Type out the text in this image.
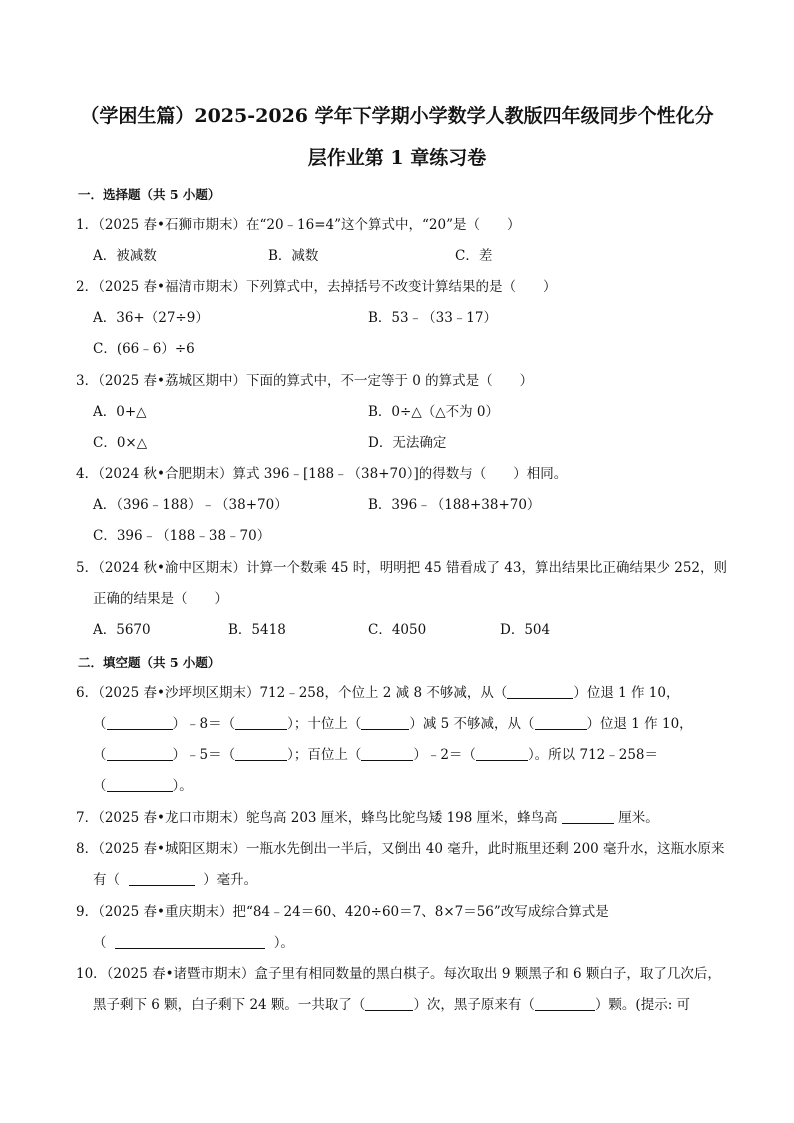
（学困生篇）2025-2026 学年下学期小学数学人教版四年级同步个性化分
层作业第 1 章练习卷
一．选择题（共 5 小题）
1．（2025 春•石狮市期末）在“20﹣16=4”这个算式中，“20”是（　　）
A．被减数	B．减数	C．差
2．（2025 春•福清市期末）下列算式中，去掉括号不改变计算结果的是（　　）
A．36+（27÷9）	B．53﹣（33﹣17）
C．(66﹣6）÷6
3．（2025 春•荔城区期中）下面的算式中，不一定等于 0 的算式是（　　）
A．0+△	B．0÷△（△不为 0）
C．0×△	D．无法确定
4．（2024 秋•合肥期末）算式 396﹣[188﹣（38+70）]的得数与（　　）相同。
A．（396﹣188）﹣（38+70）	B．396﹣（188+38+70）
C．396﹣（188﹣38﹣70）
5．（2024 秋•渝中区期末）计算一个数乘 45 时，明明把 45 错看成了 43，算出结果比正确结果少 252，则
正确的结果是（　　）
A．5670	B．5418	C．4050	D．504
二．填空题（共 5 小题）
6．（2025 春•沙坪坝区期末）712﹣258，个位上 2 减 8 不够减，从（	）位退 1 作 10，
（	）﹣8＝（	）；十位上（	）减 5 不够减，从（	）位退 1 作 10，
（	）﹣5＝（	）；百位上（	）﹣2＝（	）。所以 712﹣258＝
（	）。
7．（2025 春•龙口市期末）鸵鸟高 203 厘米，蜂鸟比鸵鸟矮 198 厘米，蜂鸟高	厘米。
8．（2025 春•城阳区期末）一瓶水先倒出一半后，又倒出 40 毫升，此时瓶里还剩 200 毫升水，这瓶水原来
有（	）毫升。
9．（2025 春•重庆期末）把“84﹣24＝60、420÷60＝7、8×7＝56”改写成综合算式是
（	）。
10．（2025 春•诸暨市期末）盒子里有相同数量的黑白棋子。每次取出 9 颗黑子和 6 颗白子，取了几次后，
黑子剩下 6 颗，白子剩下 24 颗。一共取了（	）次，黑子原来有（	）颗。(提示: 可
